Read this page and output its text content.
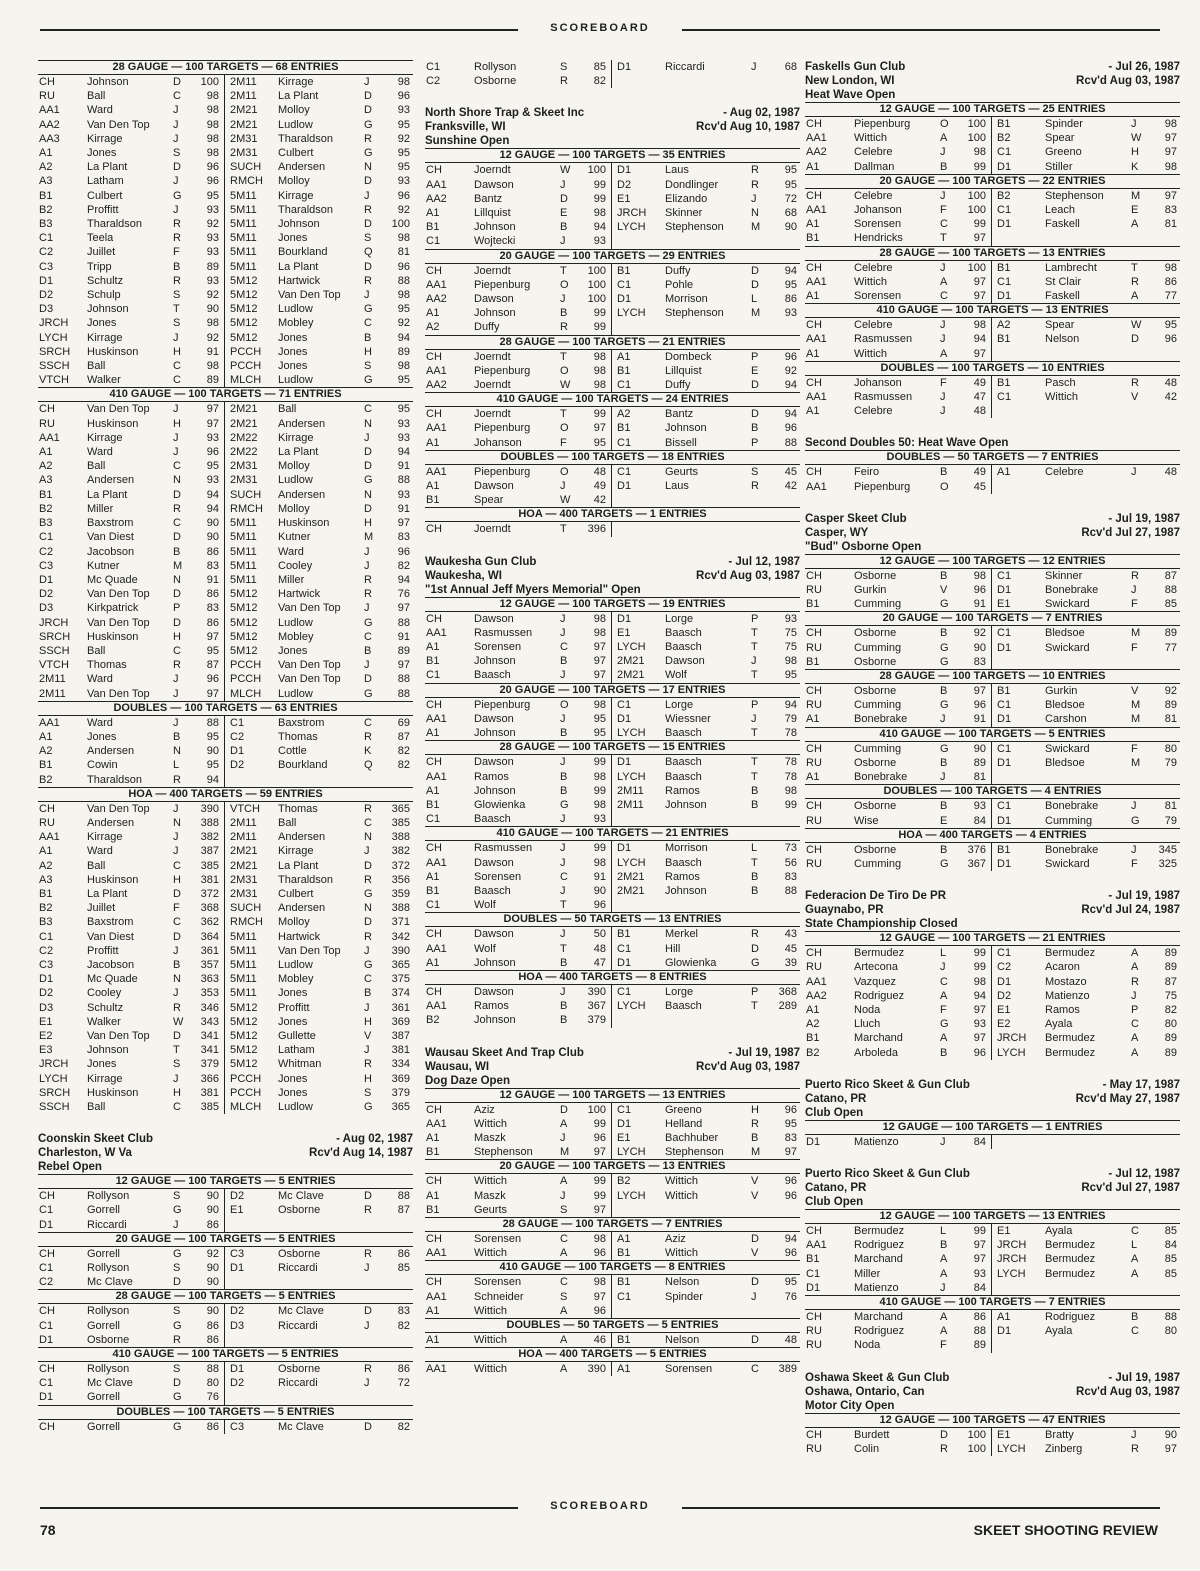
SCOREBOARD
28 GAUGE — 100 TARGETS — 68 ENTRIES
CH	Johnson	D	100	2M11	Kirrage	J	98
RU	Ball	C	98	2M11	La Plant	D	96
AA1	Ward	J	98	2M21	Molloy	D	93
AA2	Van Den Top	J	98	2M21	Ludlow	G	95
AA3	Kirrage	J	98	2M31	Tharaldson	R	92
A1	Jones	S	98	2M31	Culbert	G	95
A2	La Plant	D	96	SUCH	Andersen	N	95
A3	Latham	J	96	RMCH	Molloy	D	93
B1	Culbert	G	95	5M11	Kirrage	J	96
B2	Proffitt	J	93	5M11	Tharaldson	R	92
B3	Tharaldson	R	92	5M11	Johnson	D	100
C1	Teela	R	93	5M11	Jones	S	98
C2	Juillet	F	93	5M11	Bourkland	Q	81
C3	Tripp	B	89	5M11	La Plant	D	96
D1	Schultz	R	93	5M12	Hartwick	R	88
D2	Schulp	S	92	5M12	Van Den Top	J	98
D3	Johnson	T	90	5M12	Ludlow	G	95
JRCH	Jones	S	98	5M12	Mobley	C	92
LYCH	Kirrage	J	92	5M12	Jones	B	94
SRCH	Huskinson	H	91	PCCH	Jones	H	89
SSCH	Ball	C	98	PCCH	Jones	S	98
VTCH	Walker	C	89	MLCH	Ludlow	G	95
410 GAUGE — 100 TARGETS — 71 ENTRIES
CH	Van Den Top	J	97	2M21	Ball	C	95
RU	Huskinson	H	97	2M21	Andersen	N	93
AA1	Kirrage	J	93	2M22	Kirrage	J	93
A1	Ward	J	96	2M22	La Plant	D	94
A2	Ball	C	95	2M31	Molloy	D	91
A3	Andersen	N	93	2M31	Ludlow	G	88
B1	La Plant	D	94	SUCH	Andersen	N	93
B2	Miller	R	94	RMCH	Molloy	D	91
B3	Baxstrom	C	90	5M11	Huskinson	H	97
C1	Van Diest	D	90	5M11	Kutner	M	83
C2	Jacobson	B	86	5M11	Ward	J	96
C3	Kutner	M	83	5M11	Cooley	J	82
D1	Mc Quade	N	91	5M11	Miller	R	94
D2	Van Den Top	D	86	5M12	Hartwick	R	76
D3	Kirkpatrick	P	83	5M12	Van Den Top	J	97
JRCH	Van Den Top	D	86	5M12	Ludlow	G	88
SRCH	Huskinson	H	97	5M12	Mobley	C	91
SSCH	Ball	C	95	5M12	Jones	B	89
VTCH	Thomas	R	87	PCCH	Van Den Top	J	97
2M11	Ward	J	96	PCCH	Van Den Top	D	88
2M11	Van Den Top	J	97	MLCH	Ludlow	G	88
DOUBLES — 100 TARGETS — 63 ENTRIES
AA1	Ward	J	88	C1	Baxstrom	C	69
A1	Jones	B	95	C2	Thomas	R	87
A2	Andersen	N	90	D1	Cottle	K	82
B1	Cowin	L	95	D2	Bourkland	Q	82
B2	Tharaldson	R	94				
HOA — 400 TARGETS — 59 ENTRIES
CH	Van Den Top	J	390	VTCH	Thomas	R	365
RU	Andersen	N	388	2M11	Ball	C	385
AA1	Kirrage	J	382	2M11	Andersen	N	388
A1	Ward	J	387	2M21	Kirrage	J	382
A2	Ball	C	385	2M21	La Plant	D	372
A3	Huskinson	H	381	2M31	Tharaldson	R	356
B1	La Plant	D	372	2M31	Culbert	G	359
B2	Juillet	F	368	SUCH	Andersen	N	388
B3	Baxstrom	C	362	RMCH	Molloy	D	371
C1	Van Diest	D	364	5M11	Hartwick	R	342
C2	Proffitt	J	361	5M11	Van Den Top	J	390
C3	Jacobson	B	357	5M11	Ludlow	G	365
D1	Mc Quade	N	363	5M11	Mobley	C	375
D2	Cooley	J	353	5M11	Jones	B	374
D3	Schultz	R	346	5M12	Proffitt	J	361
E1	Walker	W	343	5M12	Jones	H	369
E2	Van Den Top	D	341	5M12	Gullette	V	387
E3	Johnson	T	341	5M12	Latham	J	381
JRCH	Jones	S	379	5M12	Whitman	R	334
LYCH	Kirrage	J	366	PCCH	Jones	H	369
SRCH	Huskinson	H	381	PCCH	Jones	S	379
SSCH	Ball	C	385	MLCH	Ludlow	G	365
Coonskin Skeet Club	- Aug 02, 1987
Charleston, W Va	Rcv'd Aug 14, 1987
Rebel Open
12 GAUGE — 100 TARGETS — 5 ENTRIES
CH	Rollyson	S	90	D2	Mc Clave	D	88
C1	Gorrell	G	90	E1	Osborne	R	87
D1	Riccardi	J	86				
20 GAUGE — 100 TARGETS — 5 ENTRIES
CH	Gorrell	G	92	C3	Osborne	R	86
C1	Rollyson	S	90	D1	Riccardi	J	85
C2	Mc Clave	D	90				
28 GAUGE — 100 TARGETS — 5 ENTRIES
CH	Rollyson	S	90	D2	Mc Clave	D	83
C1	Gorrell	G	86	D3	Riccardi	J	82
D1	Osborne	R	86				
410 GAUGE — 100 TARGETS — 5 ENTRIES
CH	Rollyson	S	88	D1	Osborne	R	86
C1	Mc Clave	D	80	D2	Riccardi	J	72
D1	Gorrell	G	76				
DOUBLES — 100 TARGETS — 5 ENTRIES
CH	Gorrell	G	86	C3	Mc Clave	D	82
C1	Rollyson	S	85	D1	Riccardi	J	68
C2	Osborne	R	82				
North Shore Trap & Skeet Inc	- Aug 02, 1987
Franksville, WI	Rcv'd Aug 10, 1987
Sunshine Open
12 GAUGE — 100 TARGETS — 35 ENTRIES
CH	Joerndt	W	100	D1	Laus	R	95
AA1	Dawson	J	99	D2	Dondlinger	R	95
AA2	Bantz	D	99	E1	Elizando	J	72
A1	Lillquist	E	98	JRCH	Skinner	N	68
B1	Johnson	B	94	LYCH	Stephenson	M	90
C1	Wojtecki	J	93				
20 GAUGE — 100 TARGETS — 29 ENTRIES
CH	Joerndt	T	100	B1	Duffy	D	94
AA1	Piepenburg	O	100	C1	Pohle	D	95
AA2	Dawson	J	100	D1	Morrison	L	86
A1	Johnson	B	99	LYCH	Stephenson	M	93
A2	Duffy	R	99				
28 GAUGE — 100 TARGETS — 21 ENTRIES
CH	Joerndt	T	98	A1	Dombeck	P	96
AA1	Piepenburg	O	98	B1	Lillquist	E	92
AA2	Joerndt	W	98	C1	Duffy	D	94
410 GAUGE — 100 TARGETS — 24 ENTRIES
CH	Joerndt	T	99	A2	Bantz	D	94
AA1	Piepenburg	O	97	B1	Johnson	B	96
A1	Johanson	F	95	C1	Bissell	P	88
DOUBLES — 100 TARGETS — 18 ENTRIES
AA1	Piepenburg	O	48	C1	Geurts	S	45
A1	Dawson	J	49	D1	Laus	R	42
B1	Spear	W	42				
HOA — 400 TARGETS — 1 ENTRIES
CH	Joerndt	T	396				
Waukesha Gun Club	- Jul 12, 1987
Waukesha, WI	Rcv'd Aug 03, 1987
"1st Annual Jeff Myers Memorial" Open
12 GAUGE — 100 TARGETS — 19 ENTRIES
CH	Dawson	J	98	D1	Lorge	P	93
AA1	Rasmussen	J	98	E1	Baasch	T	75
A1	Sorensen	C	97	LYCH	Baasch	T	75
B1	Johnson	B	97	2M21	Dawson	J	98
C1	Baasch	J	97	2M21	Wolf	T	95
20 GAUGE — 100 TARGETS — 17 ENTRIES
CH	Piepenburg	O	98	C1	Lorge	P	94
AA1	Dawson	J	95	D1	Wiessner	J	79
A1	Johnson	B	95	LYCH	Baasch	T	78
28 GAUGE — 100 TARGETS — 15 ENTRIES
CH	Dawson	J	99	D1	Baasch	T	78
AA1	Ramos	B	98	LYCH	Baasch	T	78
A1	Johnson	B	99	2M11	Ramos	B	98
B1	Glowienka	G	98	2M11	Johnson	B	99
C1	Baasch	J	93				
410 GAUGE — 100 TARGETS — 21 ENTRIES
CH	Rasmussen	J	99	D1	Morrison	L	73
AA1	Dawson	J	98	LYCH	Baasch	T	56
A1	Sorensen	C	91	2M21	Ramos	B	83
B1	Baasch	J	90	2M21	Johnson	B	88
C1	Wolf	T	96				
DOUBLES — 50 TARGETS — 13 ENTRIES
CH	Dawson	J	50	B1	Merkel	R	43
AA1	Wolf	T	48	C1	Hill	D	45
A1	Johnson	B	47	D1	Glowienka	G	39
HOA — 400 TARGETS — 8 ENTRIES
CH	Dawson	J	390	C1	Lorge	P	368
AA1	Ramos	B	367	LYCH	Baasch	T	289
B2	Johnson	B	379				
Wausau Skeet And Trap Club	- Jul 19, 1987
Wausau, WI	Rcv'd Aug 03, 1987
Dog Daze Open
12 GAUGE — 100 TARGETS — 13 ENTRIES
CH	Aziz	D	100	C1	Greeno	H	96
AA1	Wittich	A	99	D1	Helland	R	95
A1	Maszk	J	96	E1	Bachhuber	B	83
B1	Stephenson	M	97	LYCH	Stephenson	M	97
20 GAUGE — 100 TARGETS — 13 ENTRIES
CH	Wittich	A	99	B2	Wittich	V	96
A1	Maszk	J	99	LYCH	Wittich	V	96
B1	Geurts	S	97				
28 GAUGE — 100 TARGETS — 7 ENTRIES
CH	Sorensen	C	98	A1	Aziz	D	94
AA1	Wittich	A	96	B1	Wittich	V	96
410 GAUGE — 100 TARGETS — 8 ENTRIES
CH	Sorensen	C	98	B1	Nelson	D	95
AA1	Schneider	S	97	C1	Spinder	J	76
A1	Wittich	A	96				
DOUBLES — 50 TARGETS — 5 ENTRIES
A1	Wittich	A	46	B1	Nelson	D	48
HOA — 400 TARGETS — 5 ENTRIES
AA1	Wittich	A	390	A1	Sorensen	C	389
Faskells Gun Club	- Jul 26, 1987
New London, WI	Rcv'd Aug 03, 1987
Heat Wave Open
12 GAUGE — 100 TARGETS — 25 ENTRIES
CH	Piepenburg	O	100	B1	Spinder	J	98
AA1	Wittich	A	100	B2	Spear	W	97
AA2	Celebre	J	98	C1	Greeno	H	97
A1	Dallman	B	99	D1	Stiller	K	98
20 GAUGE — 100 TARGETS — 22 ENTRIES
CH	Celebre	J	100	B2	Stephenson	M	97
AA1	Johanson	F	100	C1	Leach	E	83
A1	Sorensen	C	99	D1	Faskell	A	81
B1	Hendricks	T	97				
28 GAUGE — 100 TARGETS — 13 ENTRIES
CH	Celebre	J	100	B1	Lambrecht	T	98
AA1	Wittich	A	97	C1	St Clair	R	86
A1	Sorensen	C	97	D1	Faskell	A	77
410 GAUGE — 100 TARGETS — 13 ENTRIES
CH	Celebre	J	98	A2	Spear	W	95
AA1	Rasmussen	J	94	B1	Nelson	D	96
A1	Wittich	A	97				
DOUBLES — 100 TARGETS — 10 ENTRIES
CH	Johanson	F	49	B1	Pasch	R	48
AA1	Rasmussen	J	47	C1	Wittich	V	42
A1	Celebre	J	48				
Second Doubles 50: Heat Wave Open
DOUBLES — 50 TARGETS — 7 ENTRIES
CH	Feiro	B	49	A1	Celebre	J	48
AA1	Piepenburg	O	45				
Casper Skeet Club	- Jul 19, 1987
Casper, WY	Rcv'd Jul 27, 1987
"Bud" Osborne Open
12 GAUGE — 100 TARGETS — 12 ENTRIES
CH	Osborne	B	98	C1	Skinner	R	87
RU	Gurkin	V	96	D1	Bonebrake	J	88
B1	Cumming	G	91	E1	Swickard	F	85
20 GAUGE — 100 TARGETS — 7 ENTRIES
CH	Osborne	B	92	C1	Bledsoe	M	89
RU	Cumming	G	90	D1	Swickard	F	77
B1	Osborne	G	83				
28 GAUGE — 100 TARGETS — 10 ENTRIES
CH	Osborne	B	97	B1	Gurkin	V	92
RU	Cumming	G	96	C1	Bledsoe	M	89
A1	Bonebrake	J	91	D1	Carshon	M	81
410 GAUGE — 100 TARGETS — 5 ENTRIES
CH	Cumming	G	90	C1	Swickard	F	80
RU	Osborne	B	89	D1	Bledsoe	M	79
A1	Bonebrake	J	81				
DOUBLES — 100 TARGETS — 4 ENTRIES
CH	Osborne	B	93	C1	Bonebrake	J	81
RU	Wise	E	84	D1	Cumming	G	79
HOA — 400 TARGETS — 4 ENTRIES
CH	Osborne	B	376	B1	Bonebrake	J	345
RU	Cumming	G	367	D1	Swickard	F	325
Federacion De Tiro De PR	- Jul 19, 1987
Guaynabo, PR	Rcv'd Jul 24, 1987
State Championship Closed
12 GAUGE — 100 TARGETS — 21 ENTRIES
CH	Bermudez	L	99	C1	Bermudez	A	89
RU	Artecona	J	99	C2	Acaron	A	89
AA1	Vazquez	C	98	D1	Mostazo	R	87
AA2	Rodriguez	A	94	D2	Matienzo	J	75
A1	Noda	F	97	E1	Ramos	P	82
A2	Lluch	G	93	E2	Ayala	C	80
B1	Marchand	A	97	JRCH	Bermudez	A	89
B2	Arboleda	B	96	LYCH	Bermudez	A	89
Puerto Rico Skeet & Gun Club	- May 17, 1987
Catano, PR	Rcv'd May 27, 1987
Club Open
12 GAUGE — 100 TARGETS — 1 ENTRIES
D1	Matienzo	J	84				
Puerto Rico Skeet & Gun Club	- Jul 12, 1987
Catano, PR	Rcv'd Jul 27, 1987
Club Open
12 GAUGE — 100 TARGETS — 13 ENTRIES
CH	Bermudez	L	99	E1	Ayala	C	85
AA1	Rodriguez	B	97	JRCH	Bermudez	L	84
B1	Marchand	A	97	JRCH	Bermudez	A	85
C1	Miller	A	93	LYCH	Bermudez	A	85
D1	Matienzo	J	84				
410 GAUGE — 100 TARGETS — 7 ENTRIES
CH	Marchand	A	86	A1	Rodriguez	B	88
RU	Rodriguez	A	88	D1	Ayala	C	80
RU	Noda	F	89				
Oshawa Skeet & Gun Club	- Jul 19, 1987
Oshawa, Ontario, Can	Rcv'd Aug 03, 1987
Motor City Open
12 GAUGE — 100 TARGETS — 47 ENTRIES
CH	Burdett	D	100	E1	Bratty	J	90
RU	Colin	R	100	LYCH	Zinberg	R	97
SCOREBOARD
78	SKEET SHOOTING REVIEW
